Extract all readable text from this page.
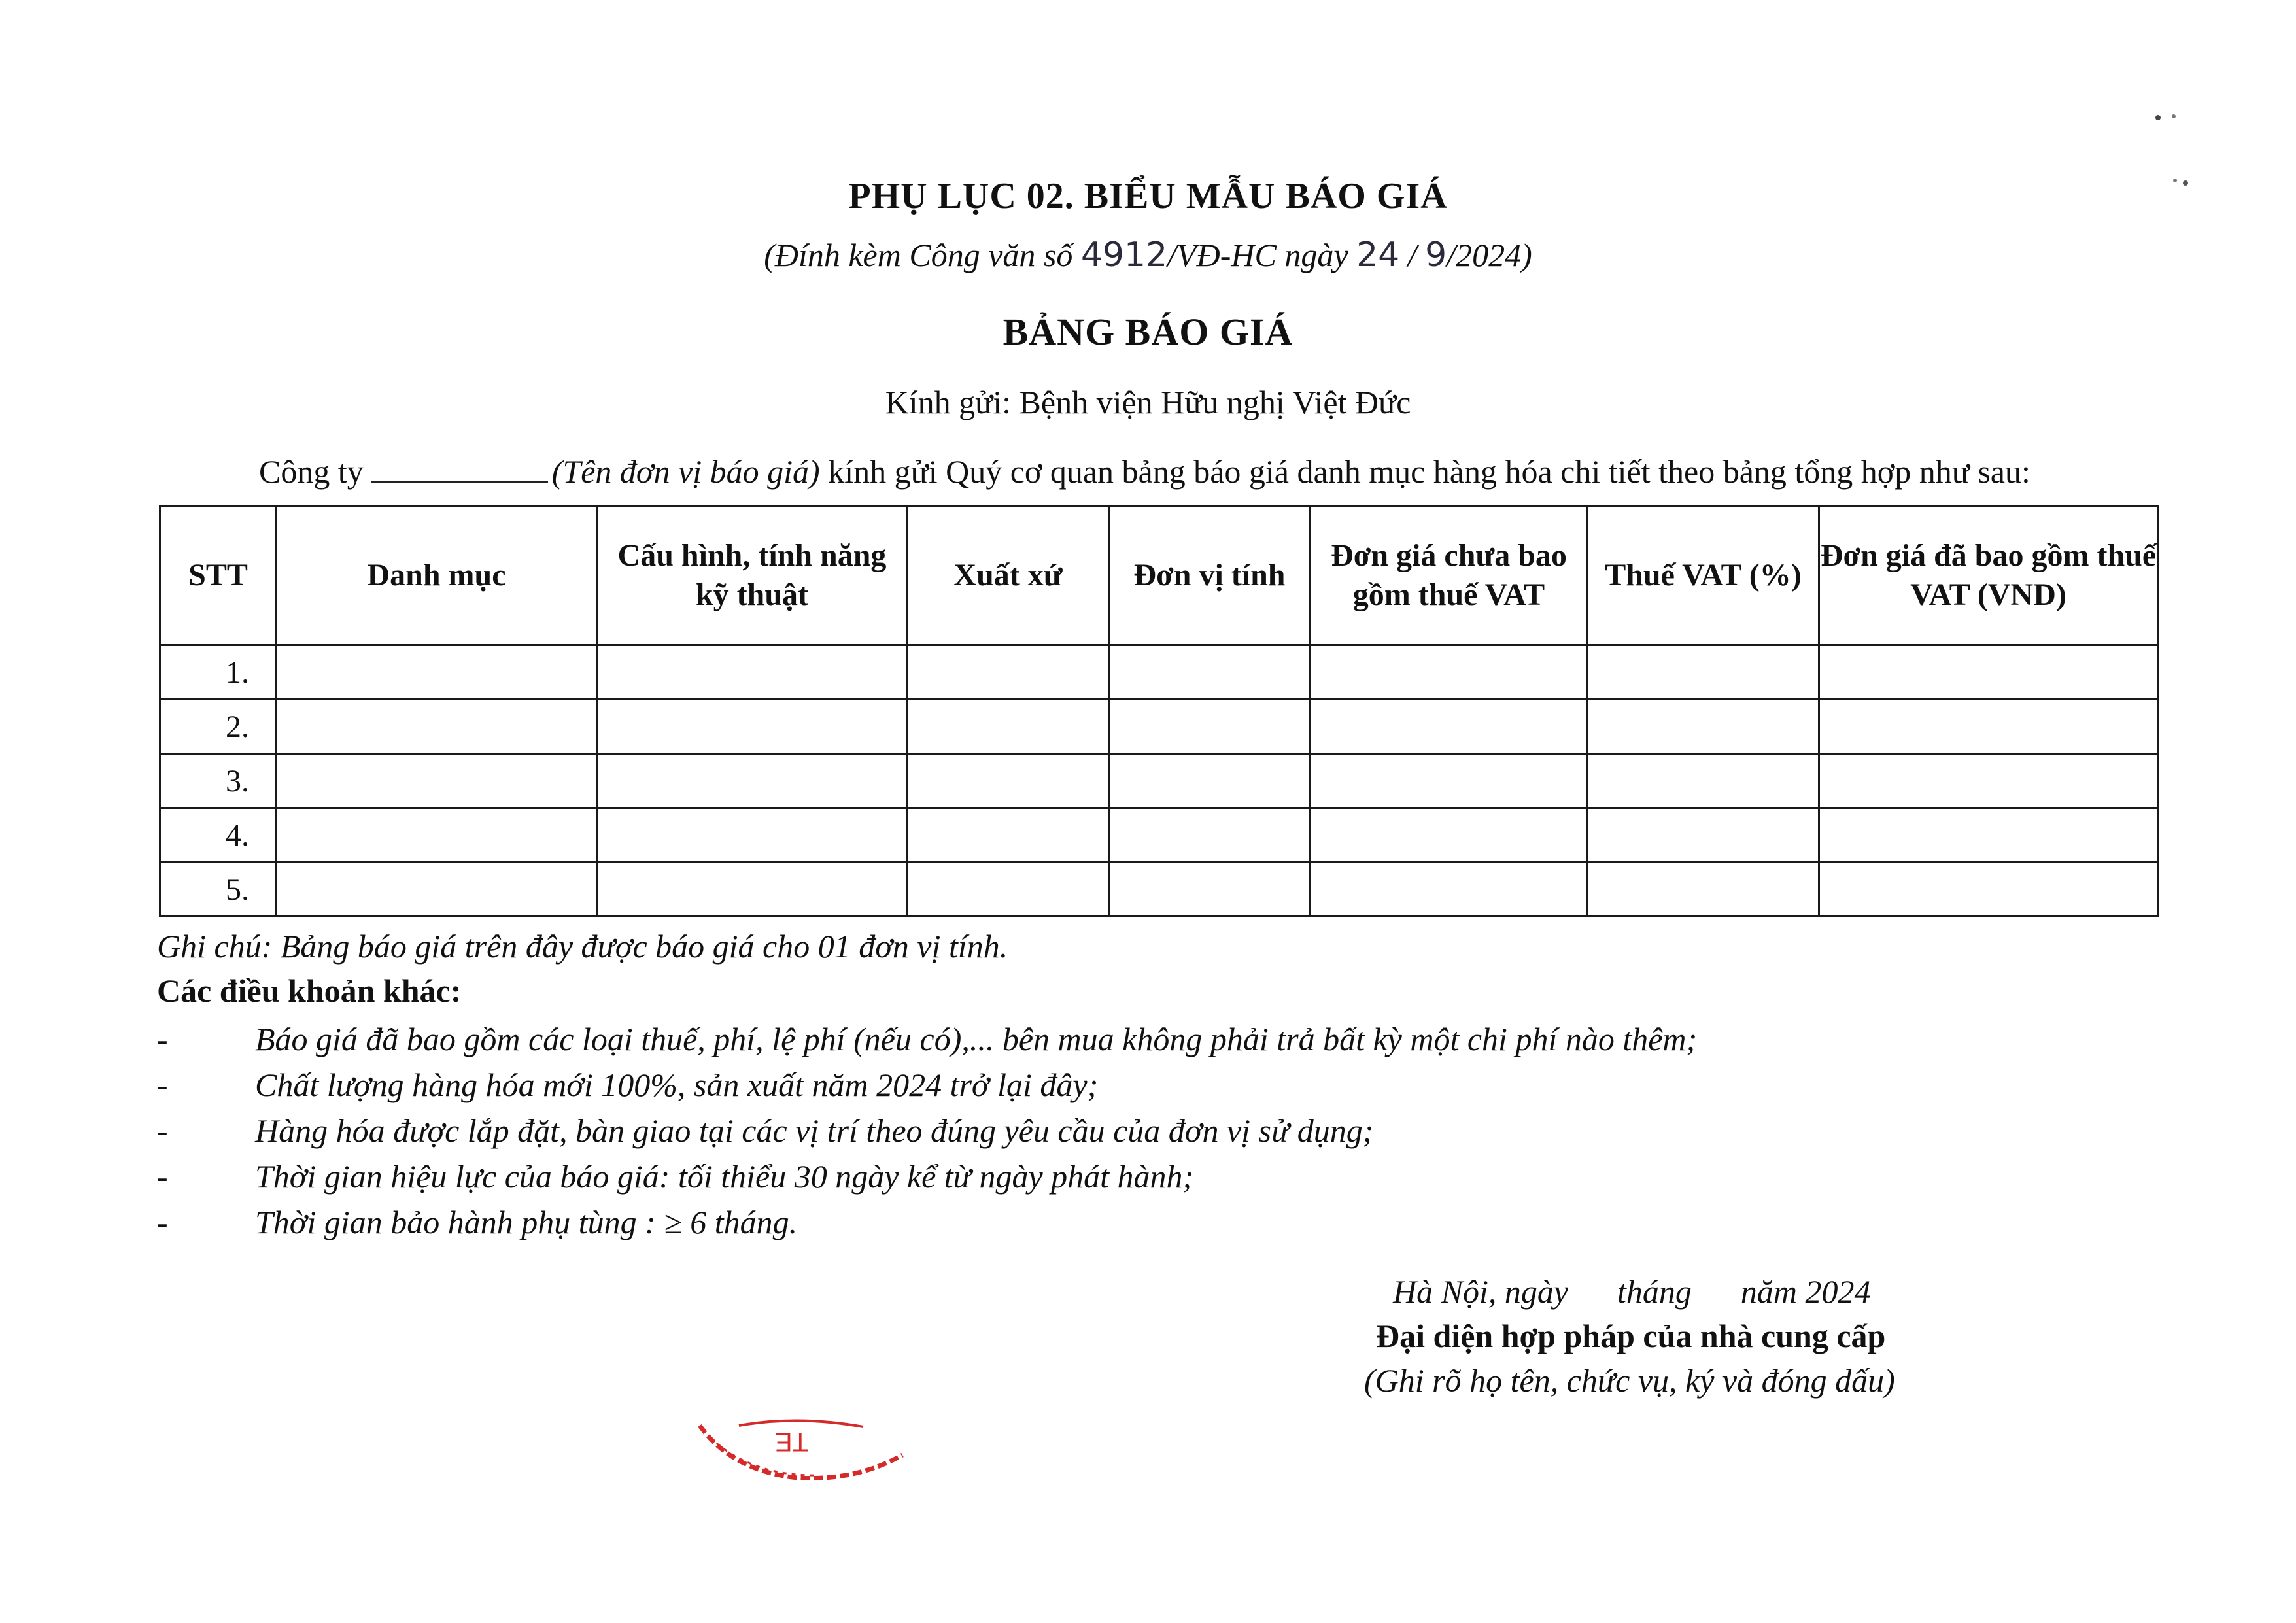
PHỤ LỤC 02. BIỂU MẪU BÁO GIÁ
(Đính kèm Công văn số 4912/VĐ-HC ngày 24 / 9/2024)
BẢNG BÁO GIÁ
Kính gửi: Bệnh viện Hữu nghị Việt Đức
Công ty	(Tên đơn vị báo giá) kính gửi Quý cơ quan bảng báo giá danh mục hàng hóa chi tiết theo bảng tổng hợp như sau:
STT	Danh mục	Cấu hình, tính năng kỹ thuật	Xuất xứ	Đơn vị tính	Đơn giá chưa bao gồm thuế VAT	Thuế VAT (%)	Đơn giá đã bao gồm thuế VAT (VND)
1.							
2.							
3.							
4.							
5.							
Ghi chú: Bảng báo giá trên đây được báo giá cho 01 đơn vị tính.
Các điều khoản khác:
-	Báo giá đã bao gồm các loại thuế, phí, lệ phí (nếu có),... bên mua không phải trả bất kỳ một chi phí nào thêm;
-	Chất lượng hàng hóa mới 100%, sản xuất năm 2024 trở lại đây;
-	Hàng hóa được lắp đặt, bàn giao tại các vị trí theo đúng yêu cầu của đơn vị sử dụng;
-	Thời gian hiệu lực của báo giá: tối thiểu 30 ngày kể từ ngày phát hành;
-	Thời gian bảo hành phụ tùng : ≥ 6 tháng.
Hà Nội, ngày      tháng      năm 2024
Đại diện hợp pháp của nhà cung cấp
(Ghi rõ họ tên, chức vụ, ký và đóng dấu)
TE
